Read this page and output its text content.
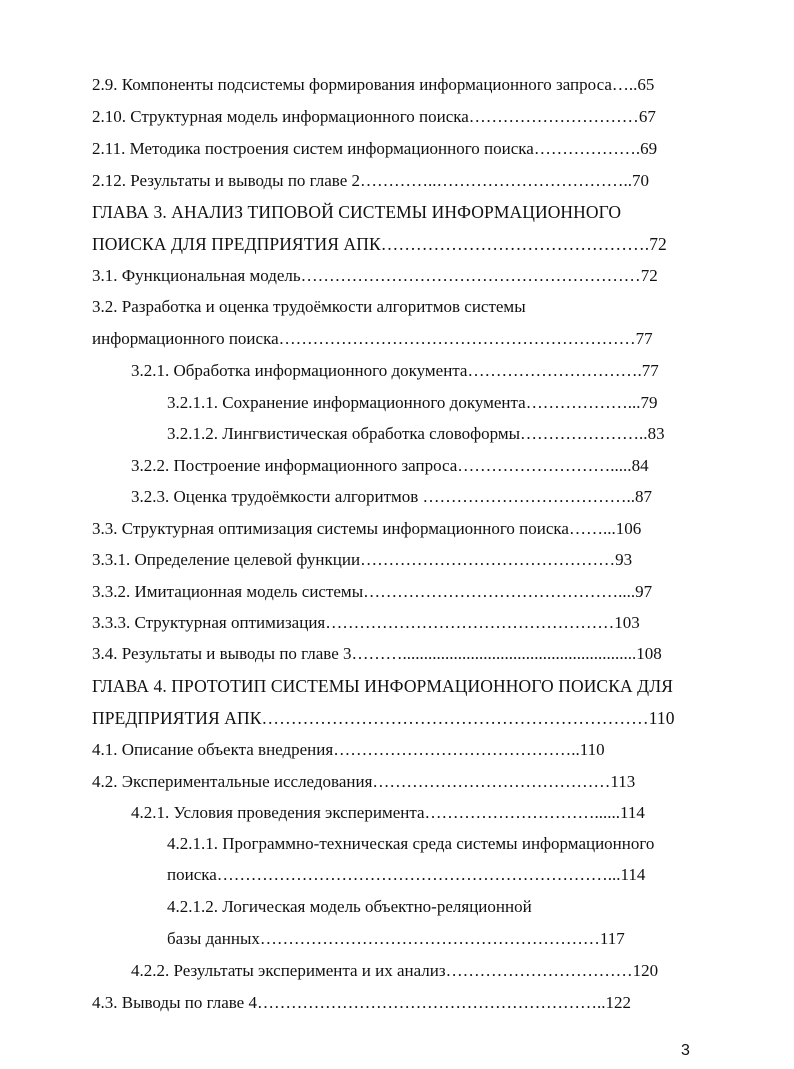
2.9. Компоненты подсистемы формирования информационного запроса…..65
2.10. Структурная модель информационного поиска…………………………67
2.11. Методика построения систем информационного поиска……………….69
2.12. Результаты и выводы по главе 2…………..……………………………..70
ГЛАВА 3. АНАЛИЗ ТИПОВОЙ СИСТЕМЫ ИНФОРМАЦИОННОГО
ПОИСКА ДЛЯ ПРЕДПРИЯТИЯ АПК……………………………………….72
3.1. Функциональная модель……………………………………………………72
3.2. Разработка и оценка трудоёмкости алгоритмов системы
информационного поиска………………………………………………………77
3.2.1. Обработка информационного документа………………………….77
3.2.1.1. Сохранение информационного документа………………...79
3.2.1.2. Лингвистическая обработка словоформы…………………..83
3.2.2. Построение информационного запроса……………………….....84
3.2.3. Оценка трудоёмкости алгоритмов ………………………………..87
3.3. Структурная оптимизация системы информационного поиска……...106
3.3.1. Определение целевой функции………………………………………93
3.3.2. Имитационная модель системы………………………………………....97
3.3.3. Структурная оптимизация……………………………………………103
3.4. Результаты и выводы по главе 3……….......................................................108
ГЛАВА 4. ПРОТОТИП СИСТЕМЫ ИНФОРМАЦИОННОГО ПОИСКА ДЛЯ
ПРЕДПРИЯТИЯ АПК…………………………………………………………110
4.1. Описание объекта внедрения……………………………………..110
4.2. Экспериментальные исследования……………………………………113
4.2.1. Условия проведения эксперимента…………………………......114
4.2.1.1. Программно-техническая среда системы информационного
поиска……………………………………………………………...114
4.2.1.2. Логическая модель объектно-реляционной
базы данных……………………………………………………117
4.2.2. Результаты эксперимента и их анализ……………………………120
4.3. Выводы по главе 4……………………………………………………..122
3
